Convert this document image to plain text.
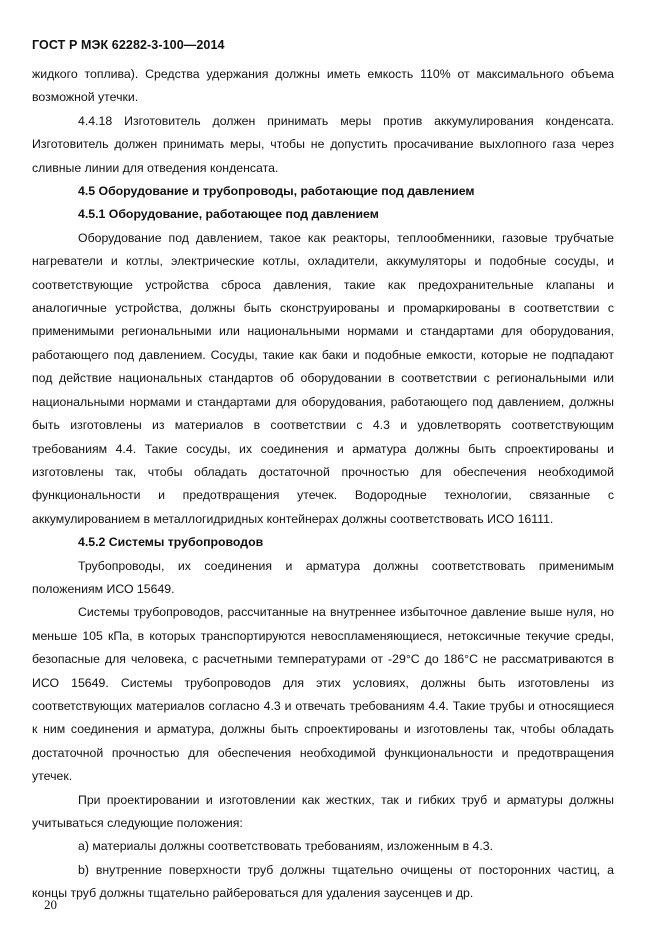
ГОСТ Р МЭК 62282-3-100—2014

жидкого топлива). Средства удержания должны иметь емкость 110% от максимального объема возможной утечки.

4.4.18 Изготовитель должен принимать меры против аккумулирования конденсата. Изготовитель должен принимать меры, чтобы не допустить просачивание выхлопного газа через сливные линии для отведения конденсата.

4.5 Оборудование и трубопроводы, работающие под давлением
4.5.1 Оборудование, работающее под давлением

Оборудование под давлением, такое как реакторы, теплообменники, газовые трубчатые нагреватели и котлы, электрические котлы, охладители, аккумуляторы и подобные сосуды, и соответствующие устройства сброса давления, такие как предохранительные клапаны и аналогичные устройства, должны быть сконструированы и промаркированы в соответствии с применимыми региональными или национальными нормами и стандартами для оборудования, работающего под давлением. Сосуды, такие как баки и подобные емкости, которые не подпадают под действие национальных стандартов об оборудовании в соответствии с региональными или национальными нормами и стандартами для оборудования, работающего под давлением, должны быть изготовлены из материалов в соответствии с 4.3 и удовлетворять соответствующим требованиям 4.4. Такие сосуды, их соединения и арматура должны быть спроектированы и изготовлены так, чтобы обладать достаточной прочностью для обеспечения необходимой функциональности и предотвращения утечек. Водородные технологии, связанные с аккумулированием в металлогидридных контейнерах должны соответствовать ИСО 16111.

4.5.2 Системы трубопроводов

Трубопроводы, их соединения и арматура должны соответствовать применимым положениям ИСО 15649.

Системы трубопроводов, рассчитанные на внутреннее избыточное давление выше нуля, но меньше 105 кПа, в которых транспортируются невоспламеняющиеся, нетоксичные текучие среды, безопасные для человека, с расчетными температурами от -29°С до 186°С не рассматриваются в ИСО 15649. Системы трубопроводов для этих условиях, должны быть изготовлены из соответствующих материалов согласно 4.3 и отвечать требованиям 4.4. Такие трубы и относящиеся к ним соединения и арматура, должны быть спроектированы и изготовлены так, чтобы обладать достаточной прочностью для обеспечения необходимой функциональности и предотвращения утечек.

При проектировании и изготовлении как жестких, так и гибких труб и арматуры должны учитываться следующие положения:

a) материалы должны соответствовать требованиям, изложенным в 4.3.

b) внутренние поверхности труб должны тщательно очищены от посторонних частиц, а концы труб должны тщательно райбероваться для удаления заусенцев и др.

20
